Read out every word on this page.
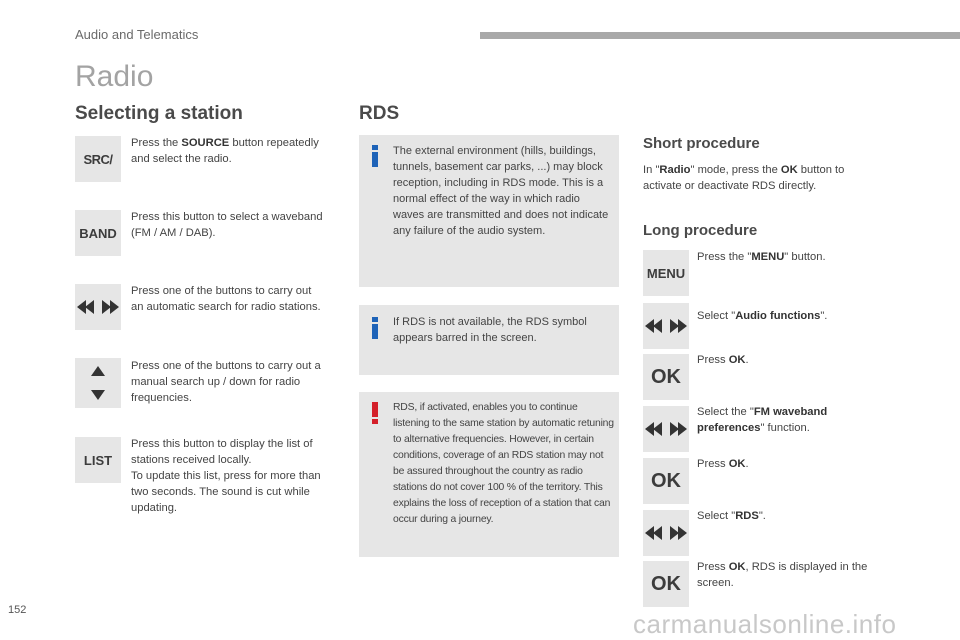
Audio and Telematics
Radio
Selecting a station
SRC/
Press the SOURCE button repeatedly and select the radio.
BAND
Press this button to select a waveband (FM / AM / DAB).
Press one of the buttons to carry out an automatic search for radio stations.
Press one of the buttons to carry out a manual search up / down for radio frequencies.
LIST
Press this button to display the list of stations received locally.
To update this list, press for more than two seconds. The sound is cut while updating.
RDS
The external environment (hills, buildings, tunnels, basement car parks, ...) may block reception, including in RDS mode. This is a normal effect of the way in which radio waves are transmitted and does not indicate any failure of the audio system.
If RDS is not available, the RDS symbol appears barred in the screen.
RDS, if activated, enables you to continue listening to the same station by automatic retuning to alternative frequencies. However, in certain conditions, coverage of an RDS station may not be assured throughout the country as radio stations do not cover 100 % of the territory. This explains the loss of reception of a station that can occur during a journey.
Short procedure
In "Radio" mode, press the OK button to activate or deactivate RDS directly.
Long procedure
MENU
Press the "MENU" button.
Select "Audio functions".
OK
Press OK.
Select the "FM waveband preferences" function.
OK
Press OK.
Select "RDS".
OK
Press OK, RDS is displayed in the screen.
152	carmanualsonline.info
